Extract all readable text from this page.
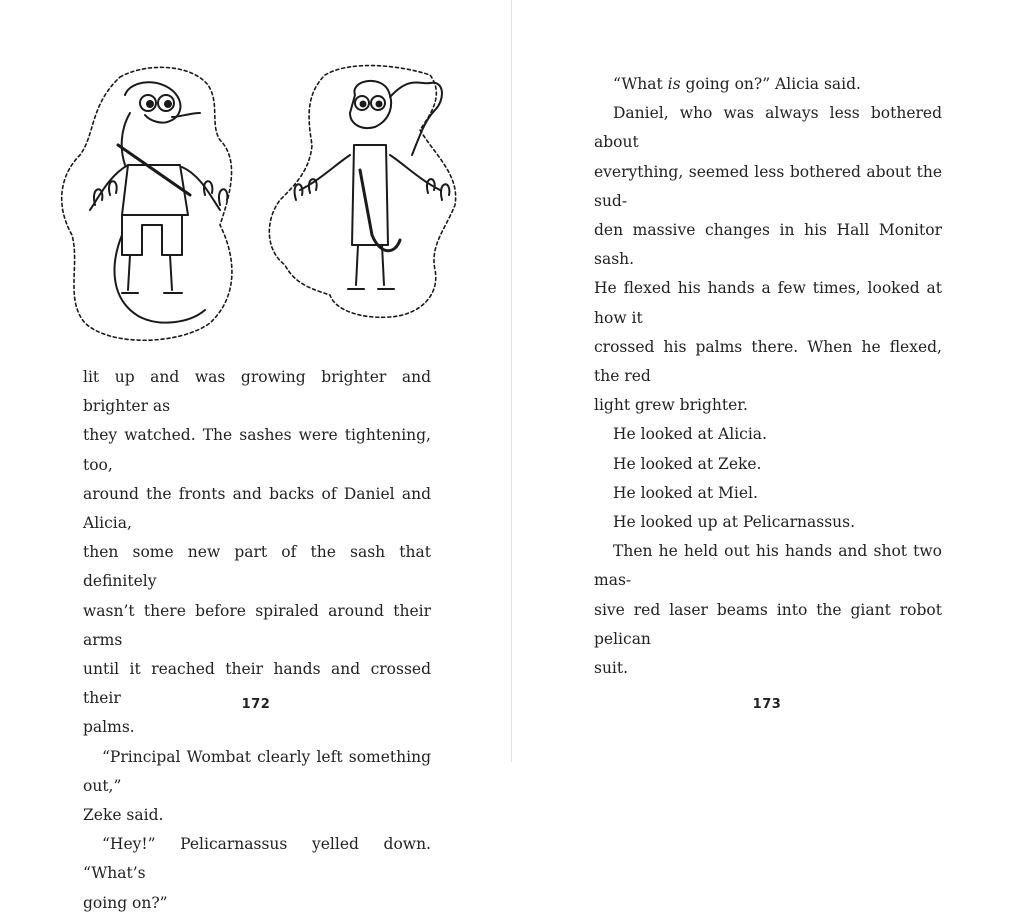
lit up and was growing brighter and brighter as
they watched. The sashes were tightening, too,
around the fronts and backs of Daniel and Alicia,
then some new part of the sash that definitely
wasn’t there before spiraled around their arms
until it reached their hands and crossed their
palms.

“Principal Wombat clearly left something out,”
Zeke said.

“Hey!” Pelicarnassus yelled down. “What’s
going on?”

172

“What is going on?” Alicia said.

Daniel, who was always less bothered about
everything, seemed less bothered about the sud-
den massive changes in his Hall Monitor sash.
He flexed his hands a few times, looked at how it
crossed his palms there. When he flexed, the red
light grew brighter.

He looked at Alicia.

He looked at Zeke.

He looked at Miel.

He looked up at Pelicarnassus.

Then he held out his hands and shot two mas-
sive red laser beams into the giant robot pelican
suit.

173
